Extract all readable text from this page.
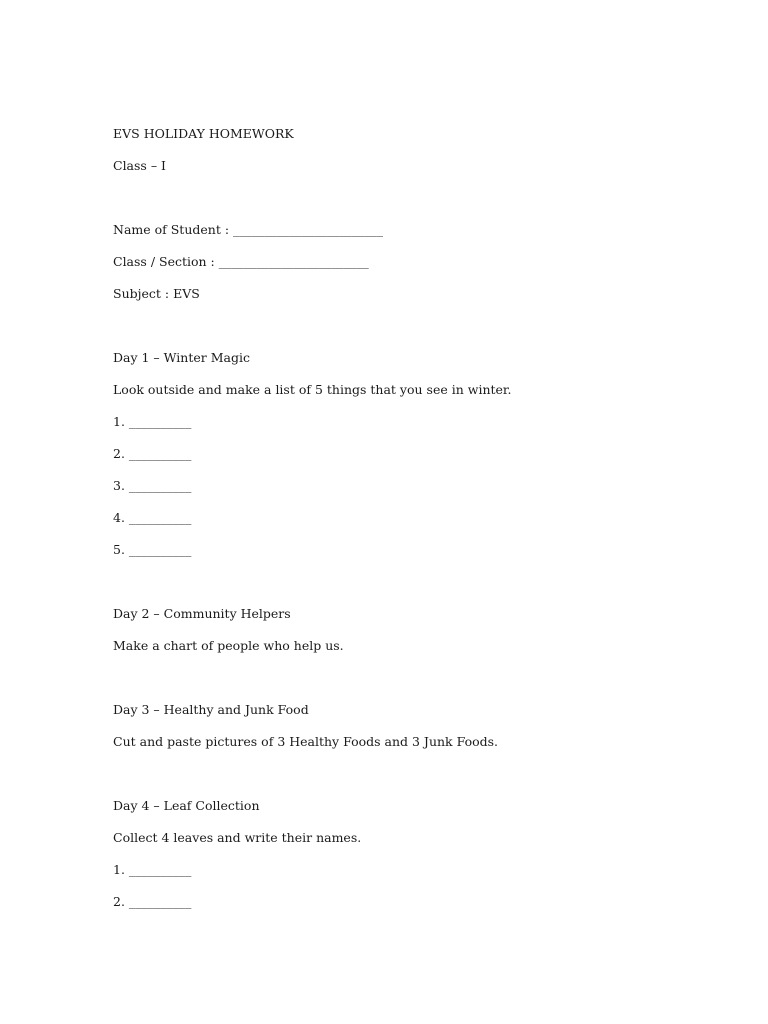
EVS HOLIDAY HOMEWORK
Class – I
Name of Student : ________________________
Class / Section : ________________________
Subject : EVS
Day 1 – Winter Magic
Look outside and make a list of 5 things that you see in winter.
1. __________
2. __________
3. __________
4. __________
5. __________
Day 2 – Community Helpers
Make a chart of people who help us.
Day 3 – Healthy and Junk Food
Cut and paste pictures of 3 Healthy Foods and 3 Junk Foods.
Day 4 – Leaf Collection
Collect 4 leaves and write their names.
1. __________
2. __________
